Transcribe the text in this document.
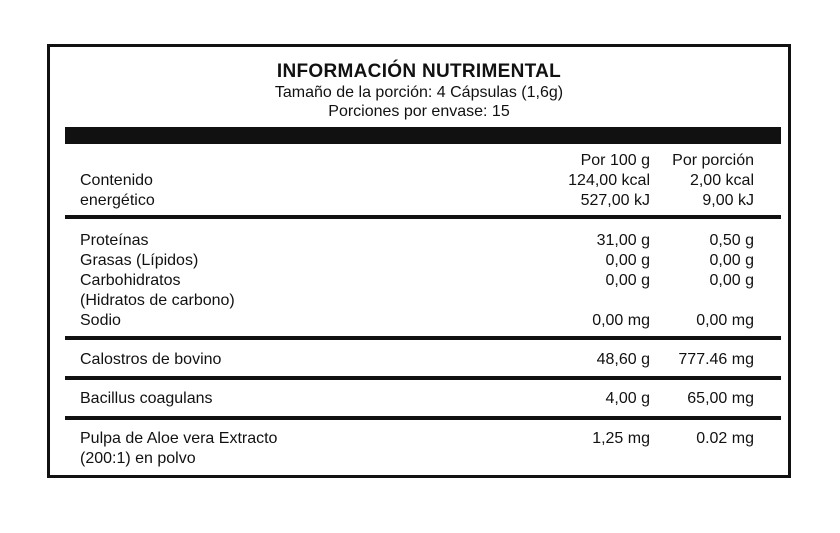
INFORMACIÓN NUTRIMENTAL
Tamaño de la porción: 4 Cápsulas (1,6g)
Porciones por envase: 15
Por 100 g	Por porción
Contenido	124,00 kcal	2,00 kcal
energético	527,00 kJ	9,00 kJ
Proteínas	31,00 g	0,50 g
Grasas (Lípidos)	0,00 g	0,00 g
Carbohidratos	0,00 g	0,00 g
(Hidratos de carbono)
Sodio	0,00 mg	0,00 mg
Calostros de bovino	48,60 g	777.46 mg
Bacillus coagulans	4,00 g	65,00 mg
Pulpa de Aloe vera Extracto	1,25 mg	0.02 mg
(200:1) en polvo
